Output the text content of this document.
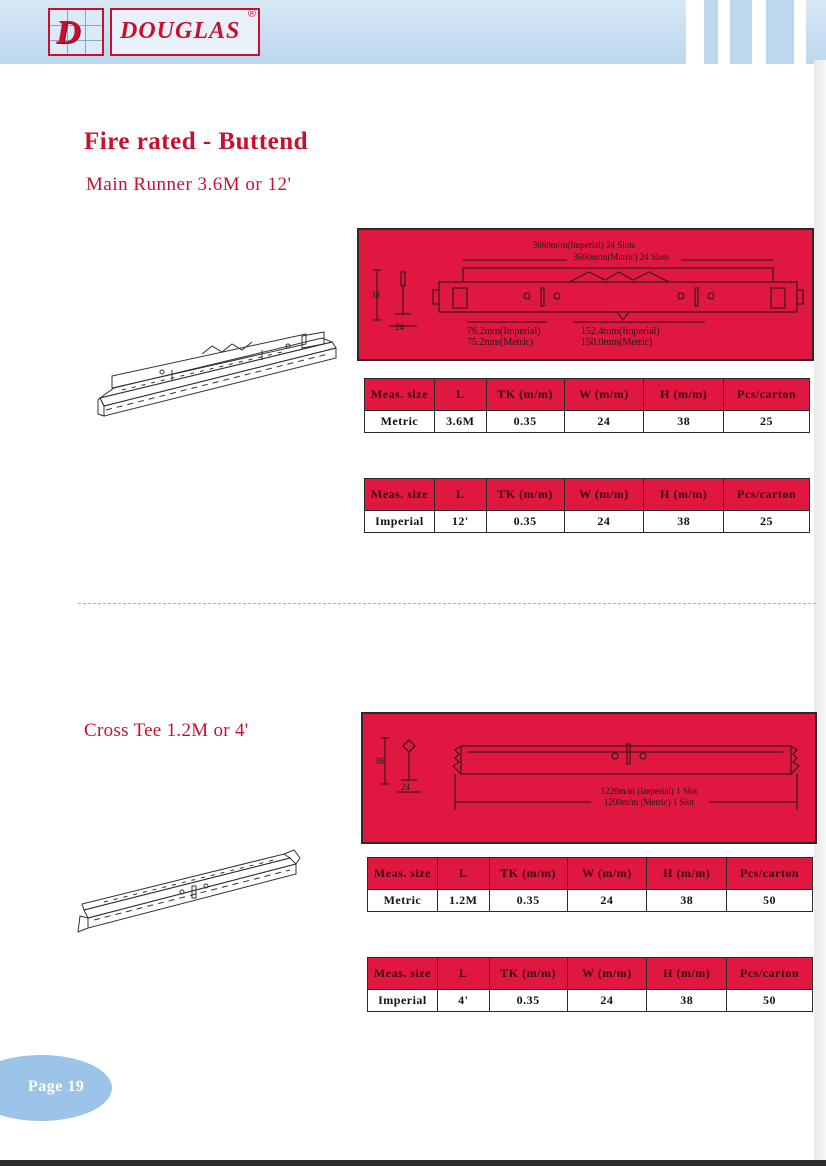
D DOUGLAS
®
Fire rated - Buttend
Main Runner 3.6M or 12'
3660m/m(Imperial) 24 Slots
3600m/m(Metric) 24 Slots
38
24	76.2mm(Imperial)
75.2mm(Metric)
152.4mm(Imperial)
150.0mm(Metric)
Meas. size	L	TK (m/m)	W (m/m)	H (m/m)	Pcs/carton
Metric	3.6M	0.35	24	38	25
Meas. size	L	TK (m/m)	W (m/m)	H (m/m)	Pcs/carton
Imperial	12'	0.35	24	38	25
Cross Tee 1.2M or 4'
38
24	1220m/m (Imperial) 1 Slot
1200m/m (Metric) 1 Slot
Meas. size	L	TK (m/m)	W (m/m)	H (m/m)	Pcs/carton
Metric	1.2M	0.35	24	38	50
Meas. size	L	TK (m/m)	W (m/m)	H (m/m)	Pcs/carton
Imperial	4'	0.35	24	38	50
Page 19
